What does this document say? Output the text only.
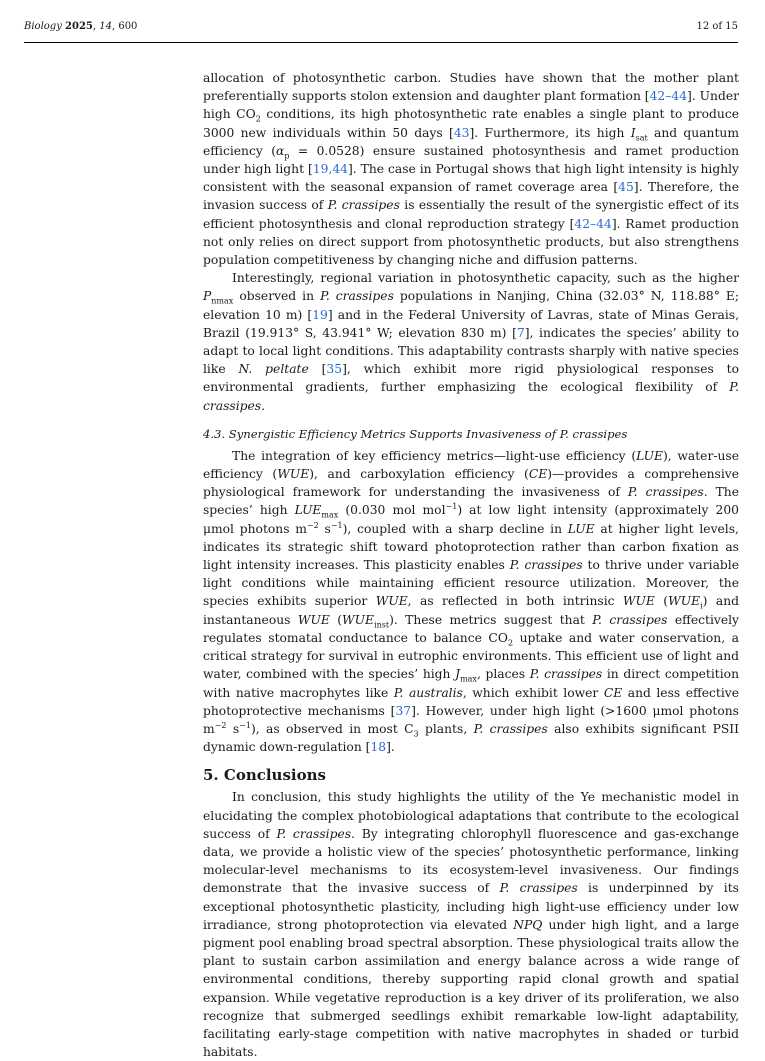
Biology 2025, 14, 600	12 of 15

allocation of photosynthetic carbon. Studies have shown that the mother plant preferentially supports stolon extension and daughter plant formation [42–44]. Under high $CO_2$ conditions, its high photosynthetic rate enables a single plant to produce 3000 new individuals within 50 days [43]. Furthermore, its high $I_{sat}$ and quantum efficiency $(\alpha_p = 0.0528)$ ensure sustained photosynthesis and ramet production under high light [19,44]. The case in Portugal shows that high light intensity is highly consistent with the seasonal expansion of ramet coverage area [45]. Therefore, the invasion success of P. crassipes is essentially the result of the synergistic effect of its efficient photosynthesis and clonal reproduction strategy [42–44]. Ramet production not only relies on direct support from photosynthetic products, but also strengthens population competitiveness by changing niche and diffusion patterns.

Interestingly, regional variation in photosynthetic capacity, such as the higher $P_{nmax}$ observed in P. crassipes populations in Nanjing, China (32.03° N, 118.88° E; elevation 10 m) [19] and in the Federal University of Lavras, state of Minas Gerais, Brazil (19.913° S, 43.941° W; elevation 830 m) [7], indicates the species’ ability to adapt to local light conditions. This adaptability contrasts sharply with native species like N. peltate [35], which exhibit more rigid physiological responses to environmental gradients, further emphasizing the ecological flexibility of P. crassipes.

4.3. Synergistic Efficiency Metrics Supports Invasiveness of P. crassipes

The integration of key efficiency metrics—light-use efficiency (LUE), water-use efficiency (WUE), and carboxylation efficiency (CE)—provides a comprehensive physiological framework for understanding the invasiveness of P. crassipes. The species’ high $LUE_{max}$ (0.030 mol mol$^{-1}$) at low light intensity (approximately 200 μmol photons $m^{-2}$ $s^{-1}$), coupled with a sharp decline in LUE at higher light levels, indicates its strategic shift toward photoprotection rather than carbon fixation as light intensity increases. This plasticity enables P. crassipes to thrive under variable light conditions while maintaining efficient resource utilization. Moreover, the species exhibits superior WUE, as reflected in both intrinsic WUE $(WUE_i)$ and instantaneous WUE $(WUE_{inst})$. These metrics suggest that P. crassipes effectively regulates stomatal conductance to balance $CO_2$ uptake and water conservation, a critical strategy for survival in eutrophic environments. This efficient use of light and water, combined with the species’ high $J_{max}$, places P. crassipes in direct competition with native macrophytes like P. australis, which exhibit lower CE and less effective photoprotective mechanisms [37]. However, under high light (>1600 μmol photons $m^{-2}$ $s^{-1}$), as observed in most $C_3$ plants, P. crassipes also exhibits significant PSII dynamic down-regulation [18].

5. Conclusions

In conclusion, this study highlights the utility of the Ye mechanistic model in elucidating the complex photobiological adaptations that contribute to the ecological success of P. crassipes. By integrating chlorophyll fluorescence and gas-exchange data, we provide a holistic view of the species’ photosynthetic performance, linking molecular-level mechanisms to its ecosystem-level invasiveness. Our findings demonstrate that the invasive success of P. crassipes is underpinned by its exceptional photosynthetic plasticity, including high light-use efficiency under low irradiance, strong photoprotection via elevated NPQ under high light, and a large pigment pool enabling broad spectral absorption. These physiological traits allow the plant to sustain carbon assimilation and energy balance across a wide range of environmental conditions, thereby supporting rapid clonal growth and spatial expansion. While vegetative reproduction is a key driver of its proliferation, we also recognize that submerged seedlings exhibit remarkable low-light adaptability, facilitating early-stage competition with native macrophytes in shaded or turbid habitats.
